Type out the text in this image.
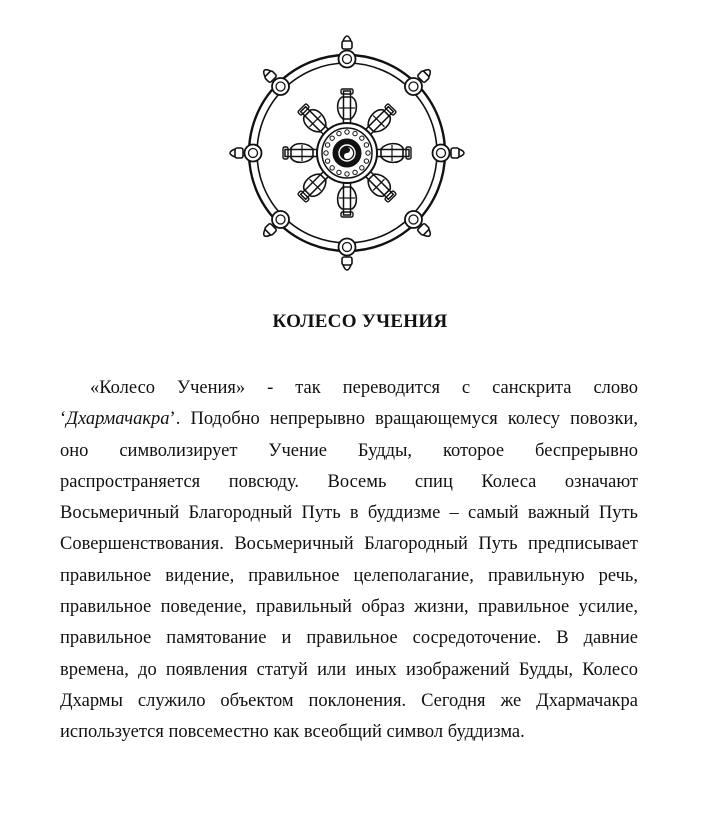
КОЛЕСО УЧЕНИЯ

«Колесо Учения» - так переводится с санскрита слово ‘Дхармачакра’. Подобно непрерывно вращающемуся колесу повозки, оно символизирует Учение Будды, которое беспрерывно распространяется повсюду. Восемь спиц Колеса означают Восьмеричный Благородный Путь в буддизме – самый важный Путь Совершенствования. Восьмеричный Благородный Путь предписывает правильное видение, правильное целеполагание, правильную речь, правильное поведение, правильный образ жизни, правильное усилие, правильное памятование и правильное сосредоточение. В давние времена, до появления статуй или иных изображений Будды, Колесо Дхармы служило объектом поклонения. Сегодня же Дхармачакра используется повсеместно как всеобщий символ буддизма.
